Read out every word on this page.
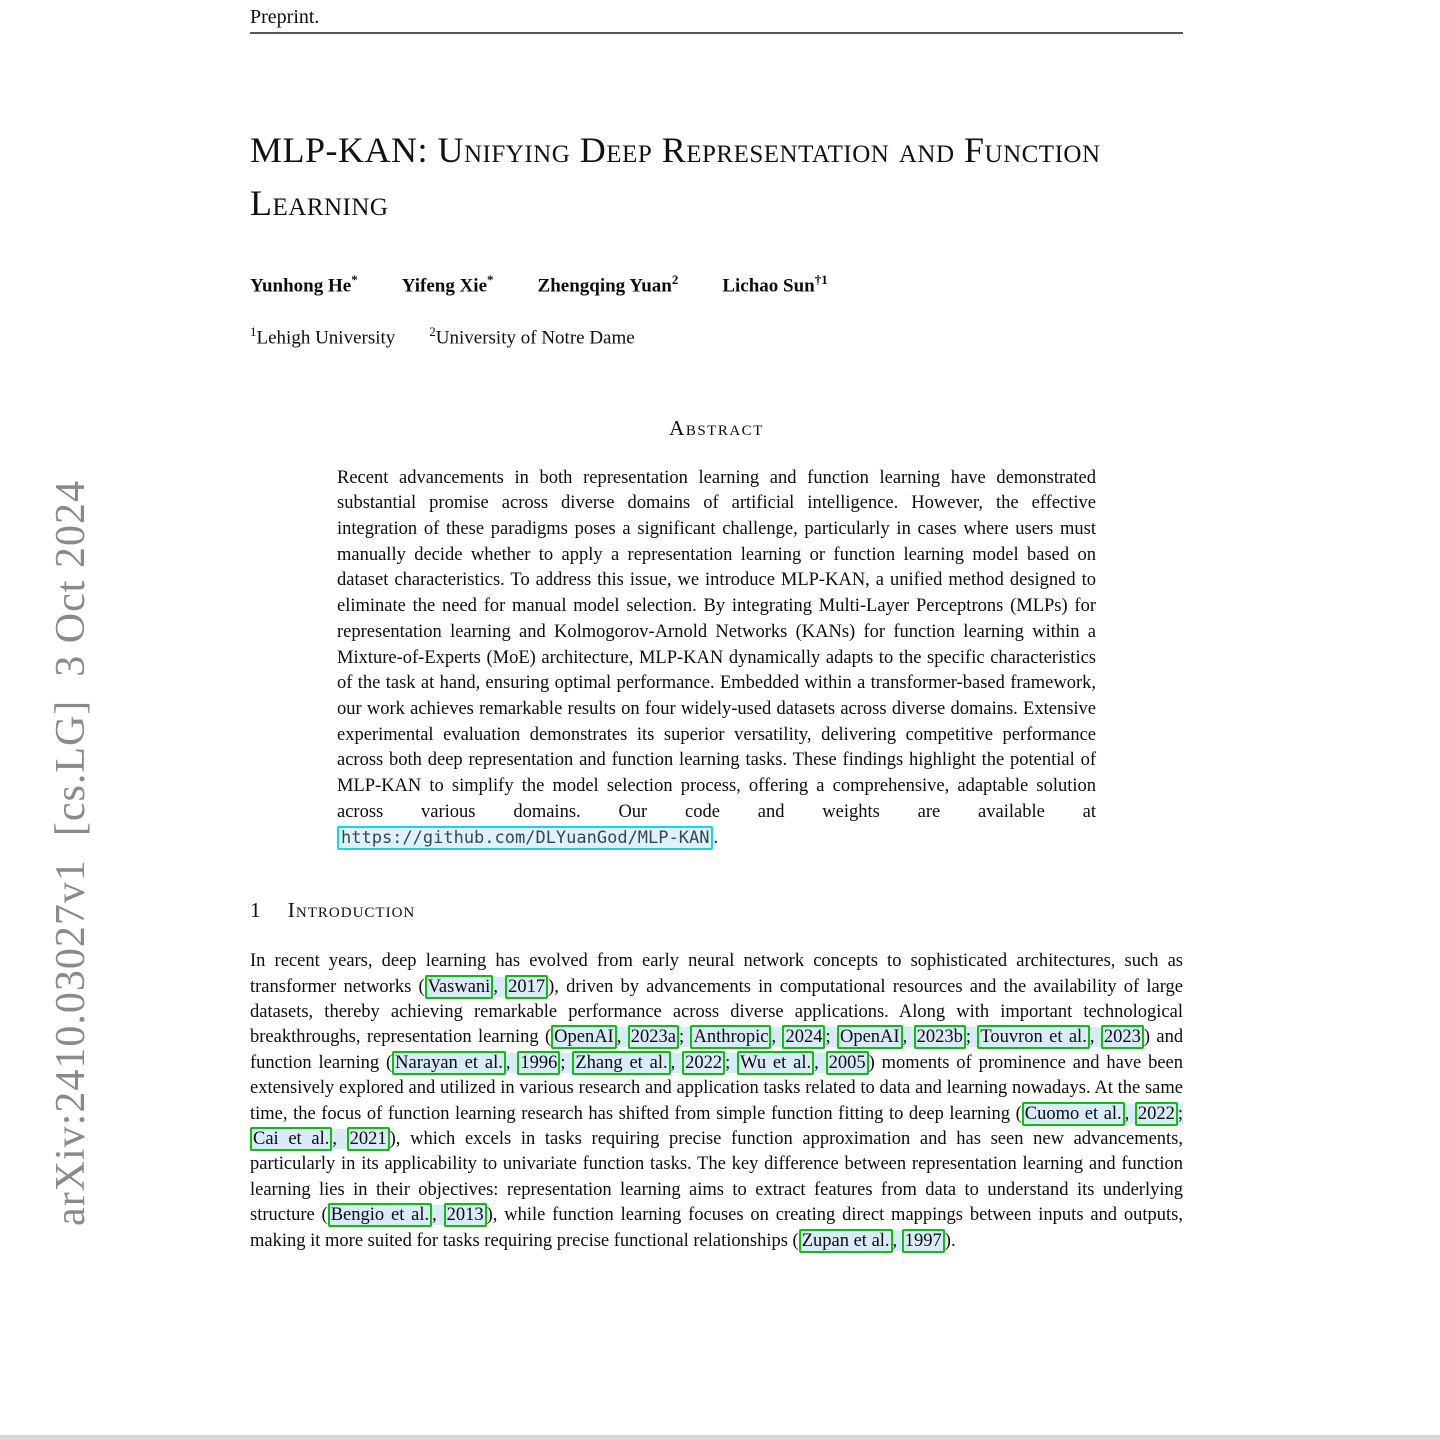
arXiv:2410.03027v1  [cs.LG]  3 Oct 2024

Preprint.

MLP-KAN: Unifying Deep Representation and Function Learning
Yunhong He* Yifeng Xie* Zhengqing Yuan$^2$ Lichao Sun$^{\dagger 1}$
$^1$Lehigh University	$^2$University of Notre Dame
Abstract

Recent advancements in both representation learning and function learning have demonstrated substantial promise across diverse domains of artificial intelligence. However, the effective integration of these paradigms poses a significant challenge, particularly in cases where users must manually decide whether to apply a representation learning or function learning model based on dataset characteristics. To address this issue, we introduce MLP-KAN, a unified method designed to eliminate the need for manual model selection. By integrating Multi-Layer Perceptrons (MLPs) for representation learning and Kolmogorov-Arnold Networks (KANs) for function learning within a Mixture-of-Experts (MoE) architecture, MLP-KAN dynamically adapts to the specific characteristics of the task at hand, ensuring optimal performance. Embedded within a transformer-based framework, our work achieves remarkable results on four widely-used datasets across diverse domains. Extensive experimental evaluation demonstrates its superior versatility, delivering competitive performance across both deep representation and function learning tasks. These findings highlight the potential of MLP-KAN to simplify the model selection process, offering a comprehensive, adaptable solution across various domains. Our code and weights are available at https://github.com/DLYuanGod/MLP-KAN .

1 Introduction

In recent years, deep learning has evolved from early neural network concepts to sophisticated architectures, such as transformer networks ( Vaswani , 2017 ), driven by advancements in computational resources and the availability of large datasets, thereby achieving remarkable performance across diverse applications. Along with important technological breakthroughs, representation learning ( OpenAI , 2023a ; Anthropic , 2024 ; OpenAI , 2023b ; Touvron et al. , 2023 ) and function learning ( Narayan et al. , 1996 ; Zhang et al. , 2022 ; Wu et al. , 2005 ) moments of prominence and have been extensively explored and utilized in various research and application tasks related to data and learning nowadays. At the same time, the focus of function learning research has shifted from simple function fitting to deep learning ( Cuomo et al. , 2022 ; Cai et al. , 2021 ), which excels in tasks requiring precise function approximation and has seen new advancements, particularly in its applicability to univariate function tasks. The key difference between representation learning and function learning lies in their objectives: representation learning aims to extract features from data to understand its underlying structure ( Bengio et al. , 2013 ), while function learning focuses on creating direct mappings between inputs and outputs, making it more suited for tasks requiring precise functional relationships ( Zupan et al. , 1997 ).
